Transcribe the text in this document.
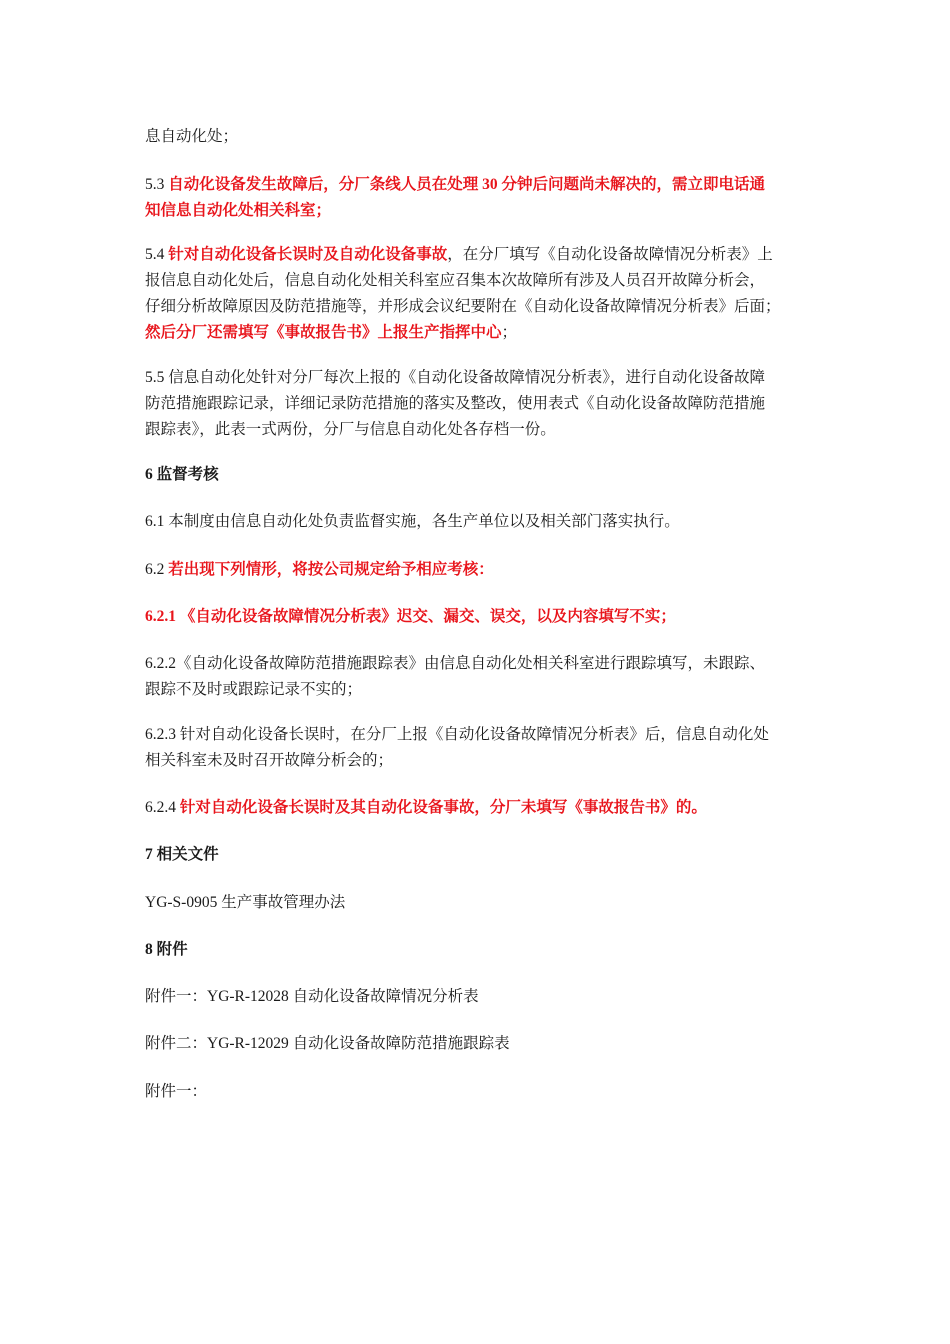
息自动化处；

5.3 自动化设备发生故障后，分厂条线人员在处理 30 分钟后问题尚未解决的，需立即电话通
知信息自动化处相关科室；

5.4 针对自动化设备长误时及自动化设备事故，在分厂填写《自动化设备故障情况分析表》上
报信息自动化处后，信息自动化处相关科室应召集本次故障所有涉及人员召开故障分析会，
仔细分析故障原因及防范措施等，并形成会议纪要附在《自动化设备故障情况分析表》后面；
然后分厂还需填写《事故报告书》上报生产指挥中心；

5.5 信息自动化处针对分厂每次上报的《自动化设备故障情况分析表》，进行自动化设备故障
防范措施跟踪记录，详细记录防范措施的落实及整改，使用表式《自动化设备故障防范措施
跟踪表》，此表一式两份，分厂与信息自动化处各存档一份。

6 监督考核

6.1 本制度由信息自动化处负责监督实施，各生产单位以及相关部门落实执行。

6.2 若出现下列情形，将按公司规定给予相应考核：

6.2.1 《自动化设备故障情况分析表》迟交、漏交、误交，以及内容填写不实；

6.2.2《自动化设备故障防范措施跟踪表》由信息自动化处相关科室进行跟踪填写，未跟踪、
跟踪不及时或跟踪记录不实的；

6.2.3 针对自动化设备长误时，在分厂上报《自动化设备故障情况分析表》后，信息自动化处
相关科室未及时召开故障分析会的；

6.2.4 针对自动化设备长误时及其自动化设备事故，分厂未填写《事故报告书》的。

7 相关文件

YG-S-0905 生产事故管理办法

8 附件

附件一：YG-R-12028 自动化设备故障情况分析表

附件二：YG-R-12029 自动化设备故障防范措施跟踪表

附件一：
